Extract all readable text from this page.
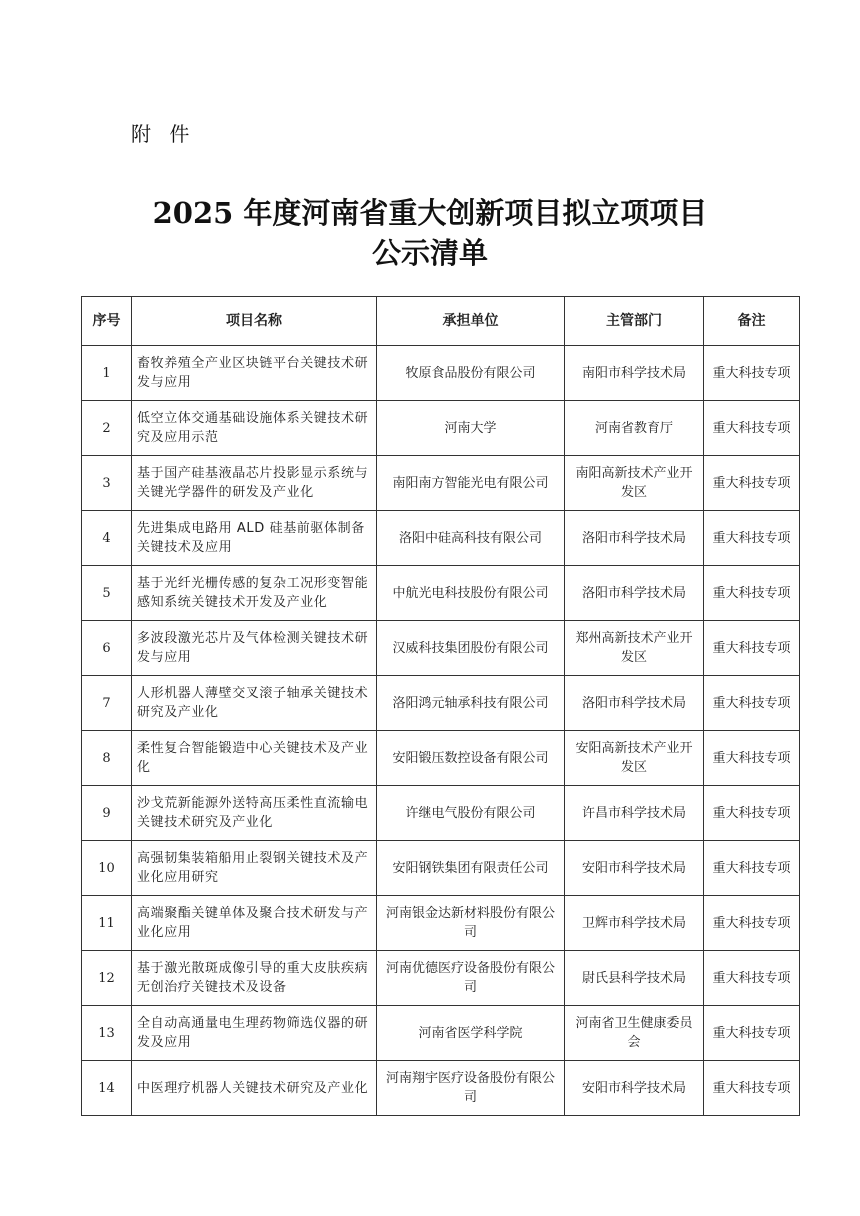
附 件
2025 年度河南省重大创新项目拟立项项目
公示清单
序号	项目名称	承担单位	主管部门	备注
1	畜牧养殖全产业区块链平台关键技术研发与应用	牧原食品股份有限公司	南阳市科学技术局	重大科技专项
2	低空立体交通基础设施体系关键技术研究及应用示范	河南大学	河南省教育厅	重大科技专项
3	基于国产硅基液晶芯片投影显示系统与关键光学器件的研发及产业化	南阳南方智能光电有限公司	南阳高新技术产业开发区	重大科技专项
4	先进集成电路用 ALD 硅基前驱体制备关键技术及应用	洛阳中硅高科技有限公司	洛阳市科学技术局	重大科技专项
5	基于光纤光栅传感的复杂工况形变智能感知系统关键技术开发及产业化	中航光电科技股份有限公司	洛阳市科学技术局	重大科技专项
6	多波段激光芯片及气体检测关键技术研发与应用	汉威科技集团股份有限公司	郑州高新技术产业开发区	重大科技专项
7	人形机器人薄壁交叉滚子轴承关键技术研究及产业化	洛阳鸿元轴承科技有限公司	洛阳市科学技术局	重大科技专项
8	柔性复合智能锻造中心关键技术及产业化	安阳锻压数控设备有限公司	安阳高新技术产业开发区	重大科技专项
9	沙戈荒新能源外送特高压柔性直流输电关键技术研究及产业化	许继电气股份有限公司	许昌市科学技术局	重大科技专项
10	高强韧集装箱船用止裂钢关键技术及产业化应用研究	安阳钢铁集团有限责任公司	安阳市科学技术局	重大科技专项
11	高端聚酯关键单体及聚合技术研发与产业化应用	河南银金达新材料股份有限公司	卫辉市科学技术局	重大科技专项
12	基于激光散斑成像引导的重大皮肤疾病无创治疗关键技术及设备	河南优德医疗设备股份有限公司	尉氏县科学技术局	重大科技专项
13	全自动高通量电生理药物筛选仪器的研发及应用	河南省医学科学院	河南省卫生健康委员会	重大科技专项
14	中医理疗机器人关键技术研究及产业化	河南翔宇医疗设备股份有限公司	安阳市科学技术局	重大科技专项
